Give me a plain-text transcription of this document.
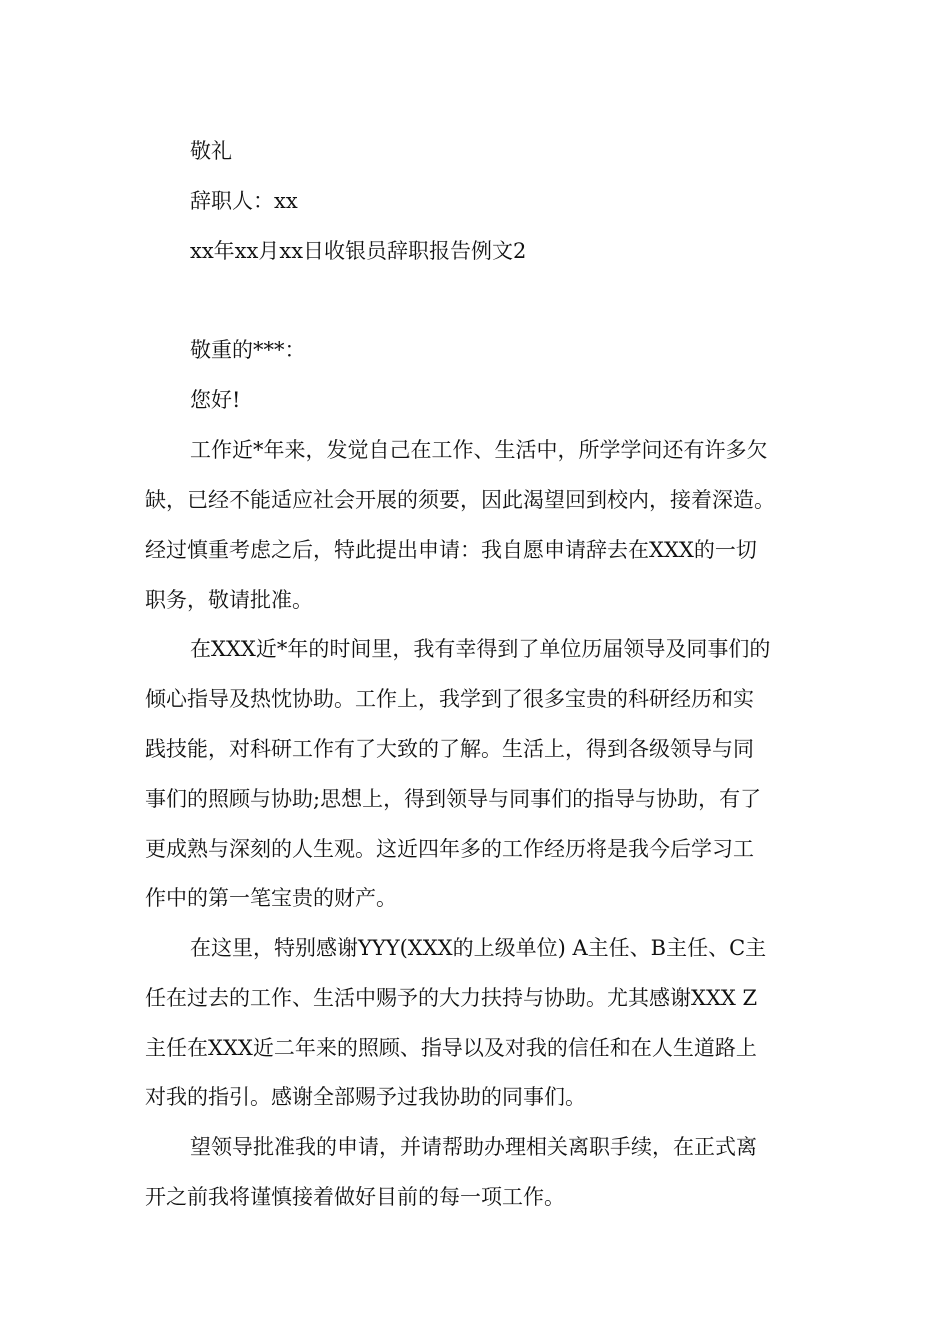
敬礼
辞职人：xx
xx年xx月xx日收银员辞职报告例文2
敬重的***：
您好!
工作近*年来，发觉自己在工作、生活中，所学学问还有许多欠
缺，已经不能适应社会开展的须要，因此渴望回到校内，接着深造。
经过慎重考虑之后，特此提出申请：我自愿申请辞去在XXX的一切
职务，敬请批准。
在XXX近*年的时间里，我有幸得到了单位历届领导及同事们的
倾心指导及热忱协助。工作上，我学到了很多宝贵的科研经历和实
践技能，对科研工作有了大致的了解。生活上，得到各级领导与同
事们的照顾与协助;思想上，得到领导与同事们的指导与协助，有了
更成熟与深刻的人生观。这近四年多的工作经历将是我今后学习工
作中的第一笔宝贵的财产。
在这里，特别感谢YYY(XXX的上级单位) A主任、B主任、C主
任在过去的工作、生活中赐予的大力扶持与协助。尤其感谢XXX Z
主任在XXX近二年来的照顾、指导以及对我的信任和在人生道路上
对我的指引。感谢全部赐予过我协助的同事们。
望领导批准我的申请，并请帮助办理相关离职手续，在正式离
开之前我将谨慎接着做好目前的每一项工作。
